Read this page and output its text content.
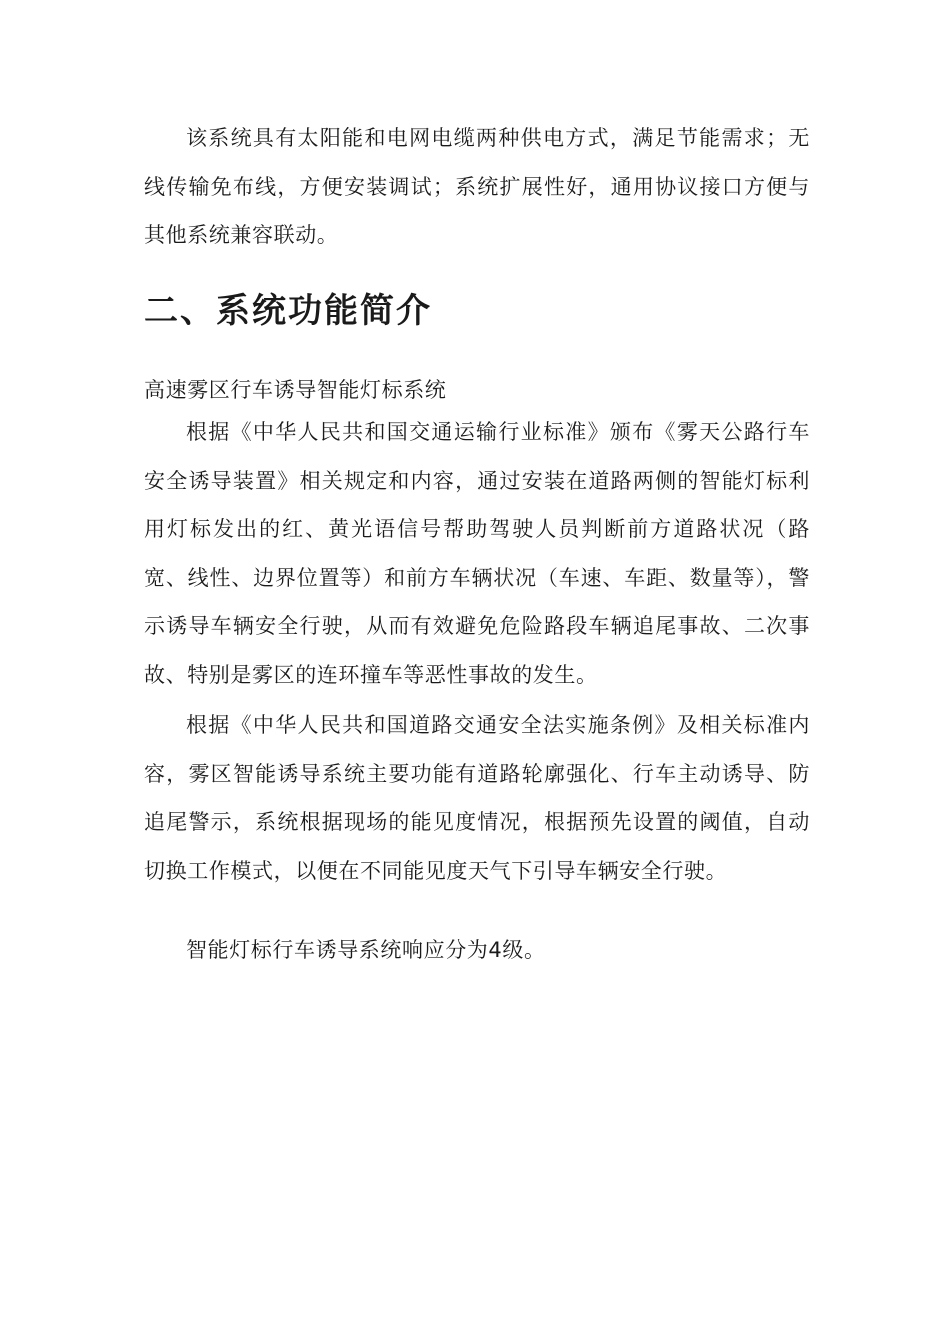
该系统具有太阳能和电网电缆两种供电方式，满足节能需求；无线传输免布线，方便安装调试；系统扩展性好，通用协议接口方便与其他系统兼容联动。

二、系统功能简介

高速雾区行车诱导智能灯标系统

根据《中华人民共和国交通运输行业标准》颁布《雾天公路行车安全诱导装置》相关规定和内容，通过安装在道路两侧的智能灯标利用灯标发出的红、黄光语信号帮助驾驶人员判断前方道路状况（路宽、线性、边界位置等）和前方车辆状况（车速、车距、数量等），警示诱导车辆安全行驶，从而有效避免危险路段车辆追尾事故、二次事故、特别是雾区的连环撞车等恶性事故的发生。

根据《中华人民共和国道路交通安全法实施条例》及相关标准内容，雾区智能诱导系统主要功能有道路轮廓强化、行车主动诱导、防追尾警示，系统根据现场的能见度情况，根据预先设置的阈值，自动切换工作模式，以便在不同能见度天气下引导车辆安全行驶。

智能灯标行车诱导系统响应分为4级。
